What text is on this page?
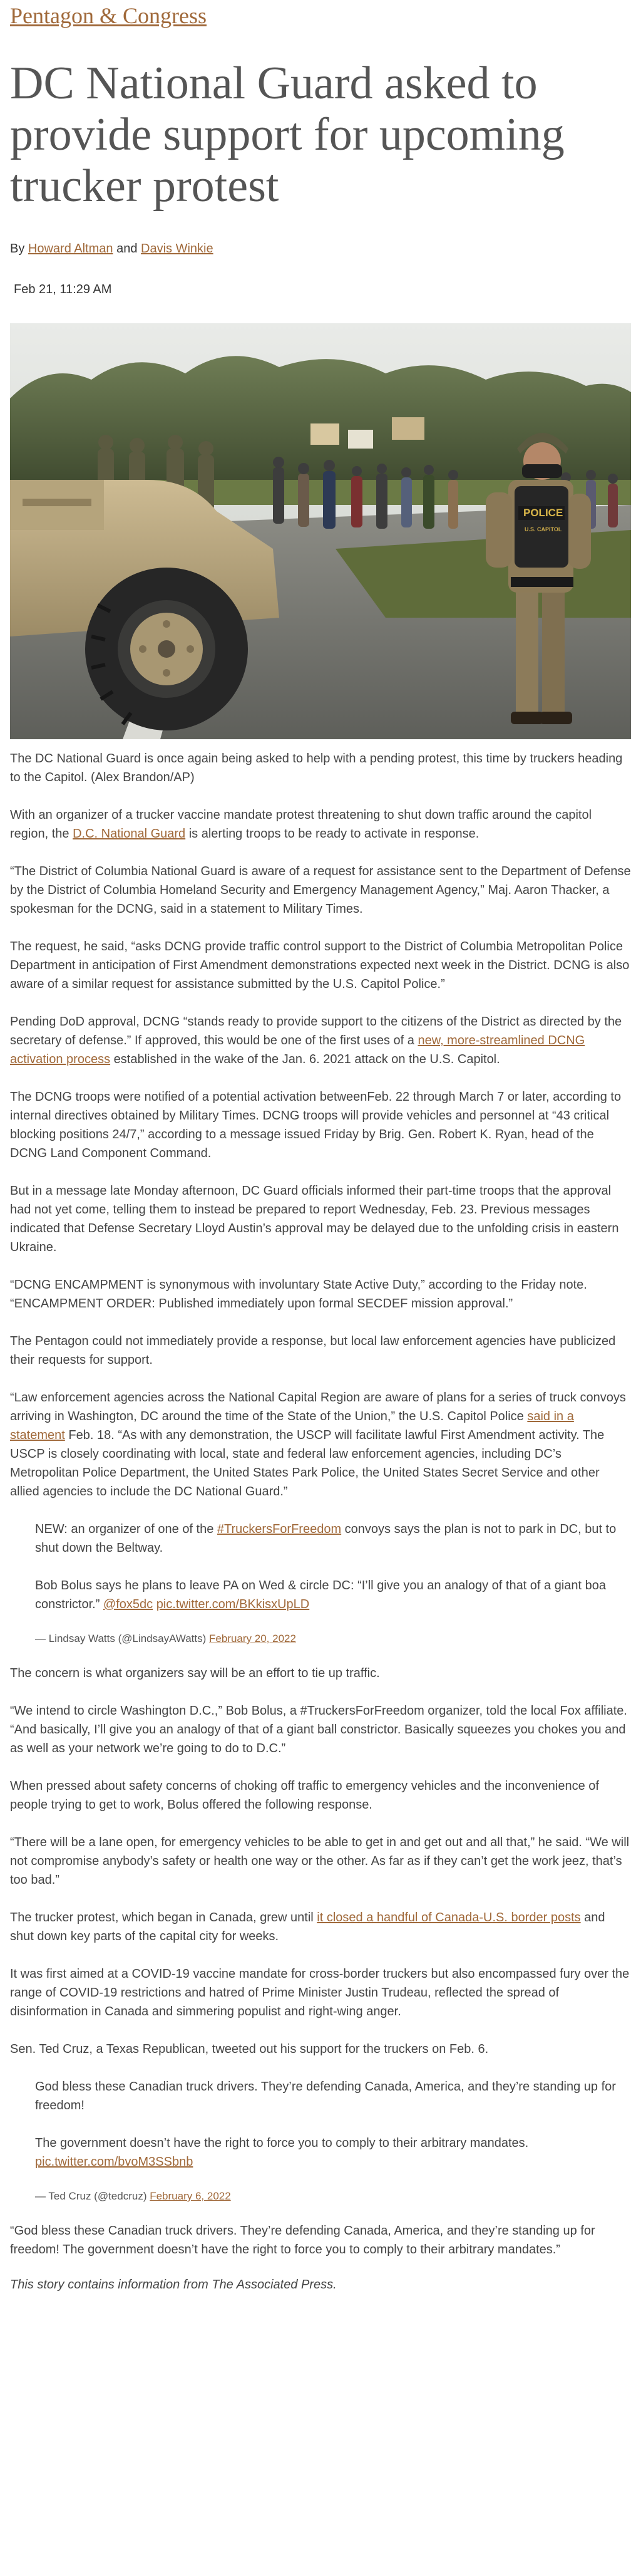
Pentagon & Congress
DC National Guard asked to provide support for upcoming trucker protest
By Howard Altman and Davis Winkie
Feb 21, 11:29 AM
POLICE
U.S. CAPITOL
The DC National Guard is once again being asked to help with a pending protest, this time by truckers heading to the Capitol. (Alex Brandon/AP)

With an organizer of a trucker vaccine mandate protest threatening to shut down traffic around the capitol region, the D.C. National Guard is alerting troops to be ready to activate in response.

“The District of Columbia National Guard is aware of a request for assistance sent to the Department of Defense by the District of Columbia Homeland Security and Emergency Management Agency,” Maj. Aaron Thacker, a spokesman for the DCNG, said in a statement to Military Times.

The request, he said, “asks DCNG provide traffic control support to the District of Columbia Metropolitan Police Department in anticipation of First Amendment demonstrations expected next week in the District. DCNG is also aware of a similar request for assistance submitted by the U.S. Capitol Police.”

Pending DoD approval, DCNG “stands ready to provide support to the citizens of the District as directed by the secretary of defense.” If approved, this would be one of the first uses of a new, more-streamlined DCNG activation process established in the wake of the Jan. 6. 2021 attack on the U.S. Capitol.

The DCNG troops were notified of a potential activation betweenFeb. 22 through March 7 or later, according to internal directives obtained by Military Times. DCNG troops will provide vehicles and personnel at “43 critical blocking positions 24/7,” according to a message issued Friday by Brig. Gen. Robert K. Ryan, head of the DCNG Land Component Command.

But in a message late Monday afternoon, DC Guard officials informed their part-time troops that the approval had not yet come, telling them to instead be prepared to report Wednesday, Feb. 23. Previous messages indicated that Defense Secretary Lloyd Austin’s approval may be delayed due to the unfolding crisis in eastern Ukraine.

“DCNG ENCAMPMENT is synonymous with involuntary State Active Duty,” according to the Friday note. “ENCAMPMENT ORDER: Published immediately upon formal SECDEF mission approval.”

The Pentagon could not immediately provide a response, but local law enforcement agencies have publicized their requests for support.

“Law enforcement agencies across the National Capital Region are aware of plans for a series of truck convoys arriving in Washington, DC around the time of the State of the Union,” the U.S. Capitol Police said in a statement Feb. 18. “As with any demonstration, the USCP will facilitate lawful First Amendment activity. The USCP is closely coordinating with local, state and federal law enforcement agencies, including DC’s Metropolitan Police Department, the United States Park Police, the United States Secret Service and other allied agencies to include the DC National Guard.”

NEW: an organizer of one of the #TruckersForFreedom convoys says the plan is not to park in DC, but to shut down the Beltway.

Bob Bolus says he plans to leave PA on Wed & circle DC: “I’ll give you an analogy of that of a giant boa constrictor.” @fox5dc pic.twitter.com/BKkisxUpLD

— Lindsay Watts (@LindsayAWatts) February 20, 2022

The concern is what organizers say will be an effort to tie up traffic.

“We intend to circle Washington D.C.,” Bob Bolus, a #TruckersForFreedom organizer, told the local Fox affiliate. “And basically, I’ll give you an analogy of that of a giant ball constrictor. Basically squeezes you chokes you and as well as your network we’re going to do to D.C.”

When pressed about safety concerns of choking off traffic to emergency vehicles and the inconvenience of people trying to get to work, Bolus offered the following response.

“There will be a lane open, for emergency vehicles to be able to get in and get out and all that,” he said. “We will not compromise anybody’s safety or health one way or the other. As far as if they can’t get the work jeez, that’s too bad.”

The trucker protest, which began in Canada, grew until it closed a handful of Canada-U.S. border posts and shut down key parts of the capital city for weeks.

It was first aimed at a COVID-19 vaccine mandate for cross-border truckers but also encompassed fury over the range of COVID-19 restrictions and hatred of Prime Minister Justin Trudeau, reflected the spread of disinformation in Canada and simmering populist and right-wing anger.

Sen. Ted Cruz, a Texas Republican, tweeted out his support for the truckers on Feb. 6.

God bless these Canadian truck drivers. They’re defending Canada, America, and they’re standing up for freedom!

The government doesn’t have the right to force you to comply to their arbitrary mandates. pic.twitter.com/bvoM3SSbnb

— Ted Cruz (@tedcruz) February 6, 2022

“God bless these Canadian truck drivers. They’re defending Canada, America, and they’re standing up for freedom! The government doesn’t have the right to force you to comply to their arbitrary mandates.”

This story contains information from The Associated Press.
